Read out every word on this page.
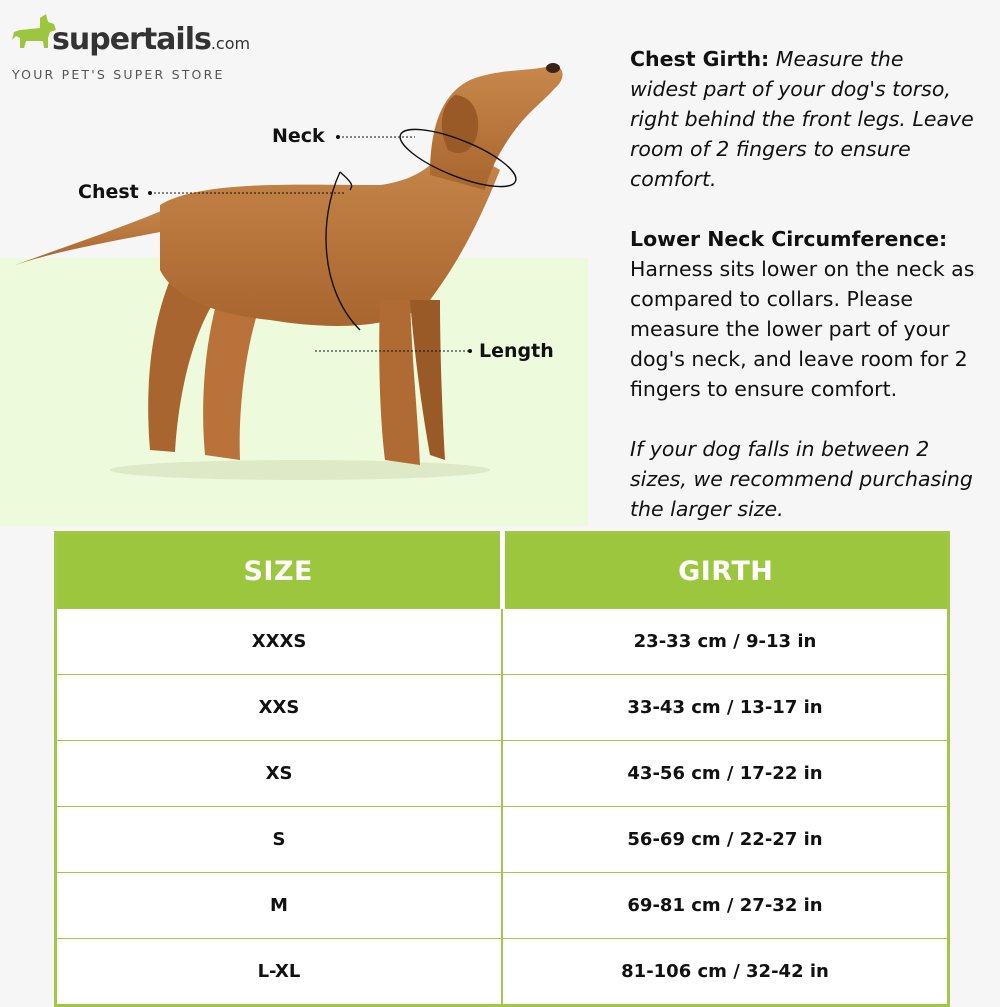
supertails.com
YOUR PET'S SUPER STORE
Neck
Chest
Length

Chest Girth: Measure the widest part of your dog's torso, right behind the front legs. Leave room of 2 fingers to ensure comfort.

Lower Neck Circumference:
Harness sits lower on the neck as compared to collars. Please measure the lower part of your dog's neck, and leave room for 2 fingers to ensure comfort.

If your dog falls in between 2 sizes, we recommend purchasing the larger size.

SIZE	GIRTH
XXXS	23-33 cm / 9-13 in
XXS	33-43 cm / 13-17 in
XS	43-56 cm / 17-22 in
S	56-69 cm / 22-27 in
M	69-81 cm / 27-32 in
L-XL	81-106 cm / 32-42 in
